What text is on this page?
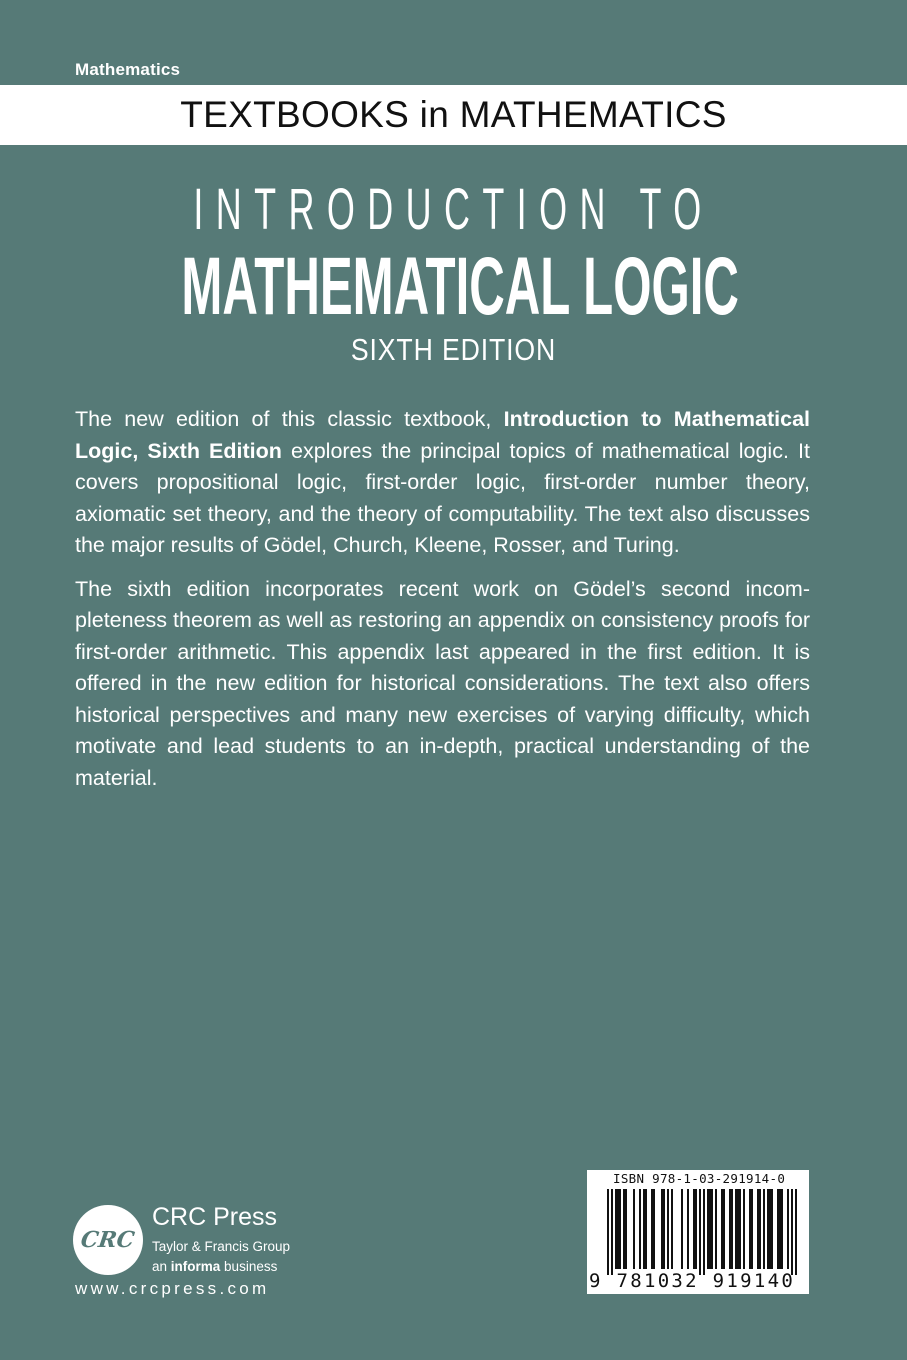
Mathematics
TEXTBOOKS in MATHEMATICS
INTRODUCTION TO
MATHEMATICAL LOGIC
SIXTH EDITION

The new edition of this classic textbook, Introduction to Mathematical Logic, Sixth Edition explores the principal topics of mathematical logic. It covers propositional logic, first-order logic, first-order number theory, axiomatic set theory, and the theory of computability. The text also discusses the major results of Gödel, Church, Kleene, Rosser, and Turing.

The sixth edition incorporates recent work on Gödel’s second incompleteness theorem as well as restoring an appendix on consistency proofs for first-order arithmetic. This appendix last appeared in the first edition. It is offered in the new edition for historical considerations. The text also offers historical perspectives and many new exercises of varying difficulty, which motivate and lead students to an in-depth, practical understanding of the material.

CRC
CRC Press
Taylor & Francis Group
an informa business
www.crcpress.com
ISBN 978-1-03-291914-0
9 781032 919140
